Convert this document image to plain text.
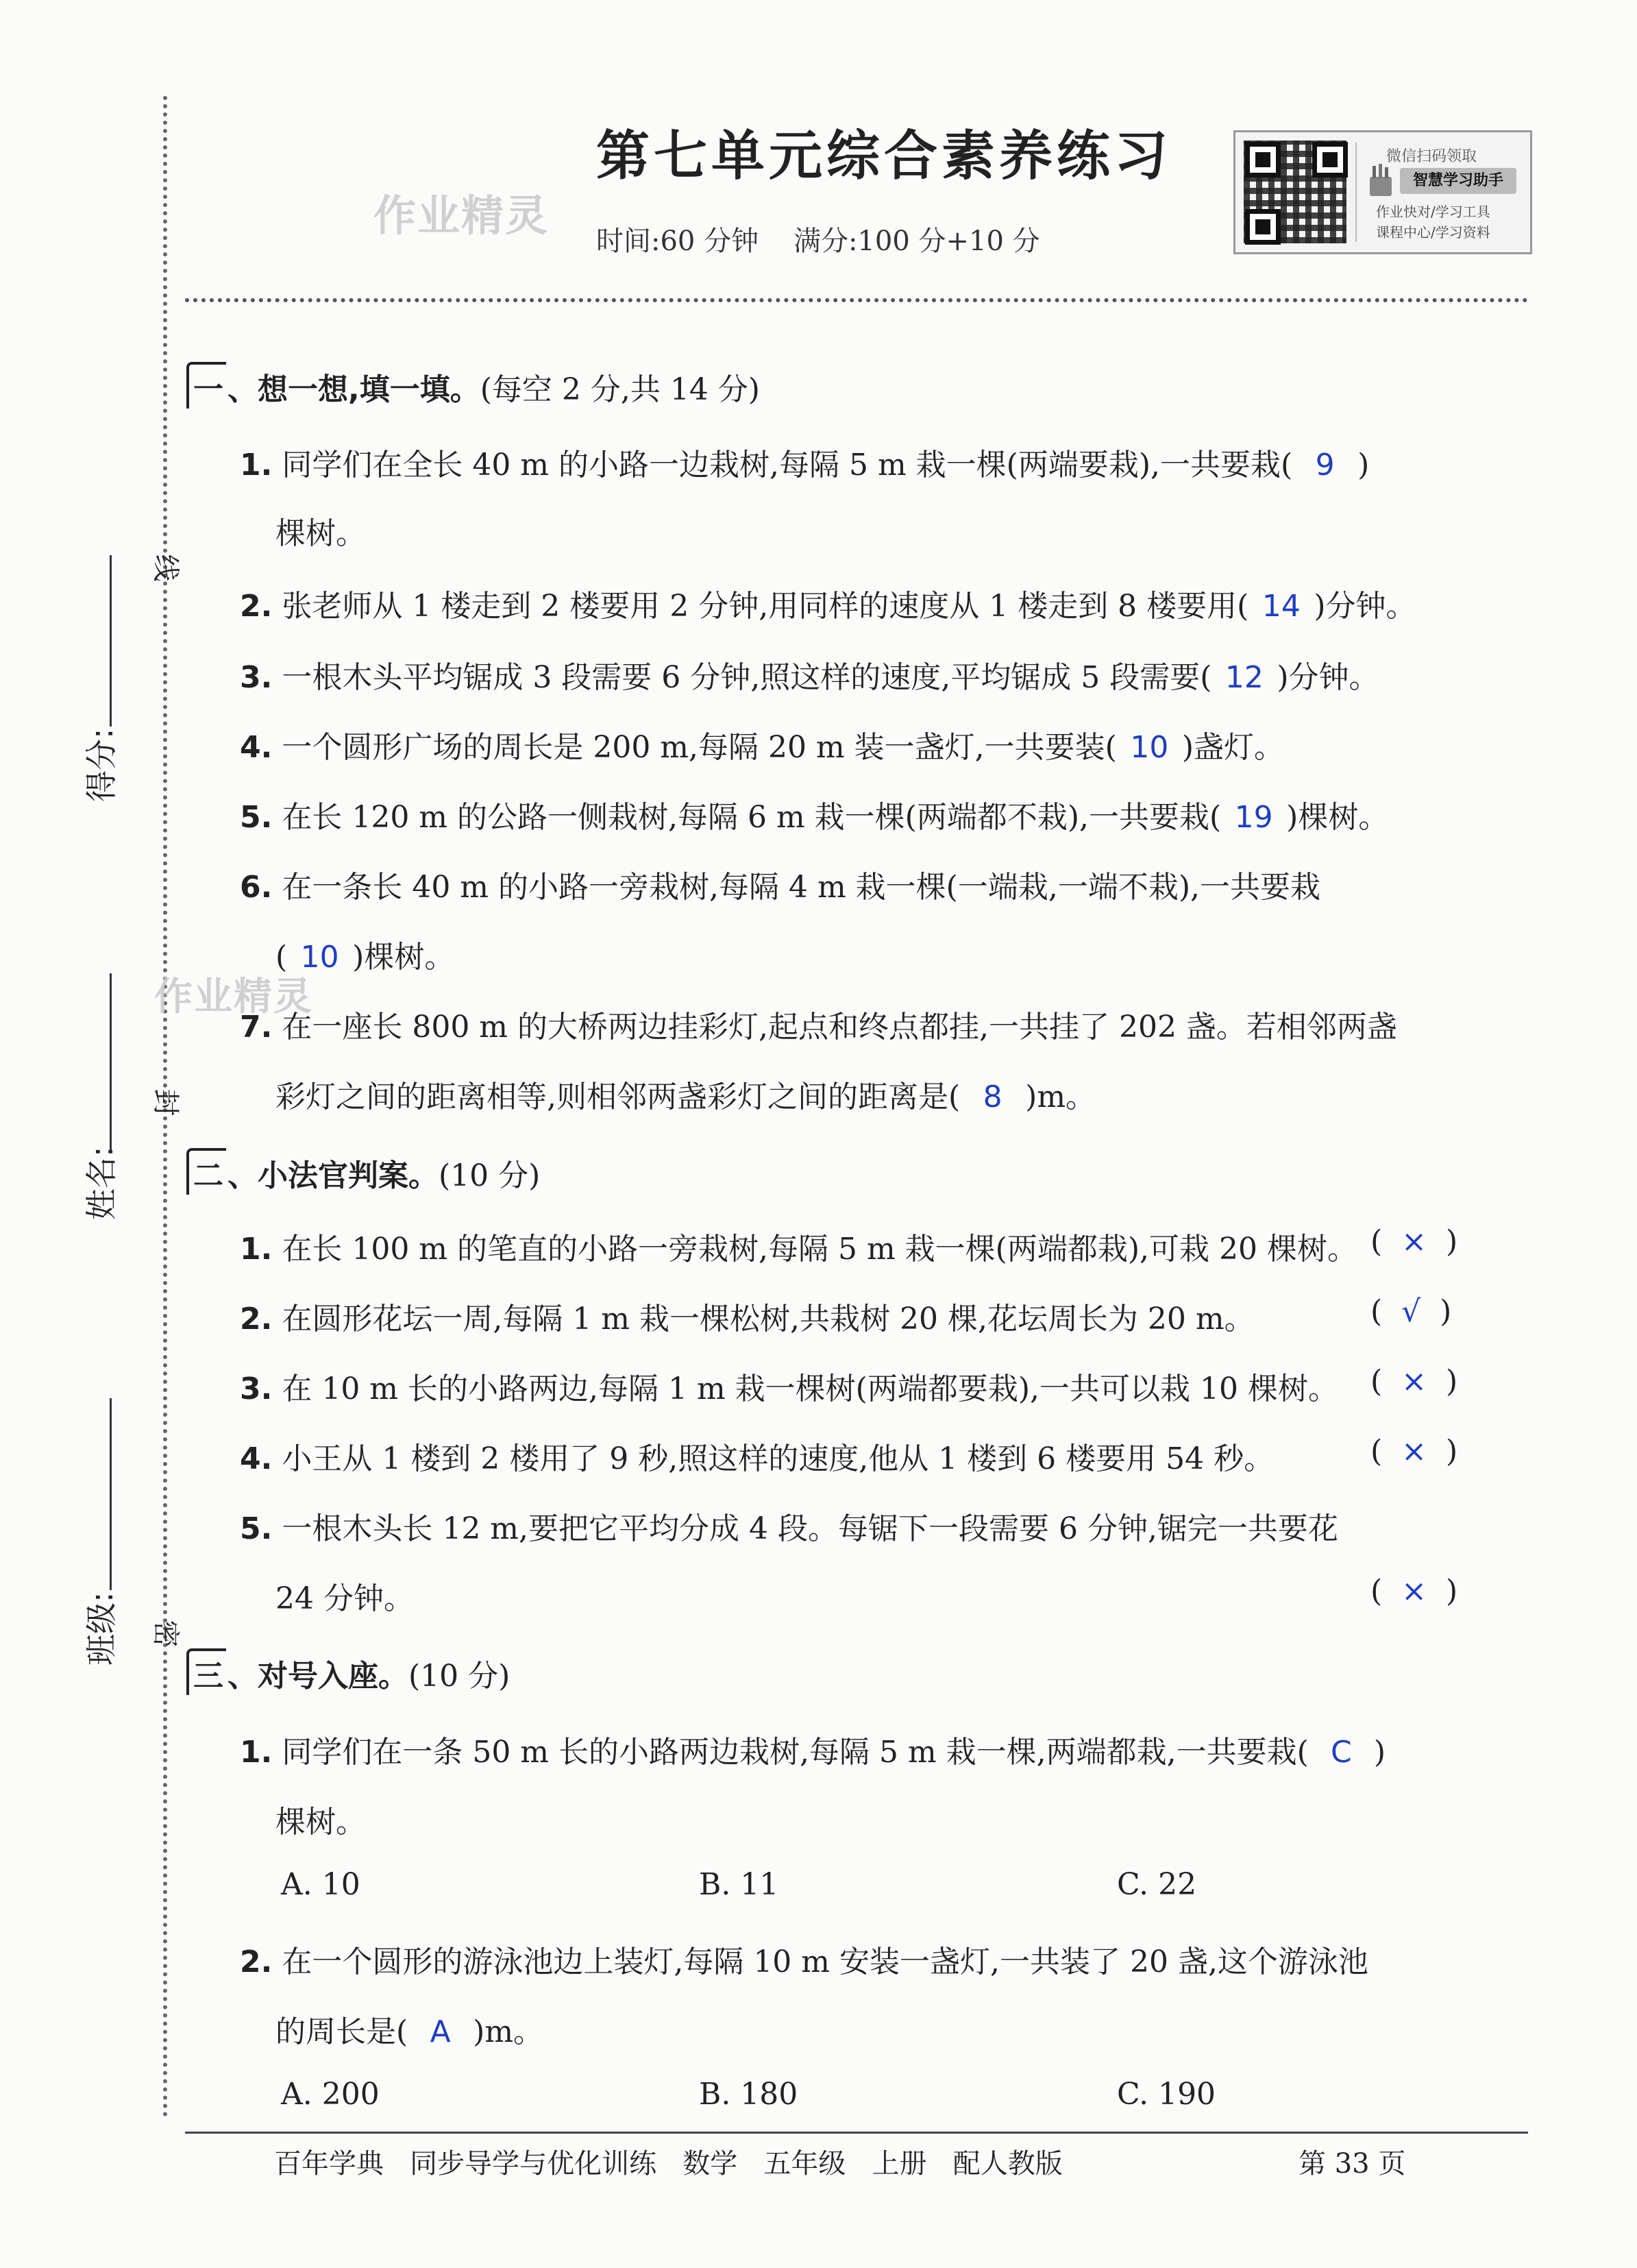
得分:
姓名:
班级:
线
封
密
第七单元综合素养练习
时间:60 分钟    满分:100 分+10 分
作业精灵
作业精灵
微信扫码领取
智慧学习助手
作业快对/学习工具
课程中心/学习资料
一 、想一想,填一填。(每空 2 分,共 14 分)
1. 同学们在全长 40 m 的小路一边栽树,每隔 5 m 栽一棵(两端要栽),一共要栽( 9 )
棵树。
2. 张老师从 1 楼走到 2 楼要用 2 分钟,用同样的速度从 1 楼走到 8 楼要用( 14 )分钟。
3. 一根木头平均锯成 3 段需要 6 分钟,照这样的速度,平均锯成 5 段需要( 12 )分钟。
4. 一个圆形广场的周长是 200 m,每隔 20 m 装一盏灯,一共要装( 10 )盏灯。
5. 在长 120 m 的公路一侧栽树,每隔 6 m 栽一棵(两端都不栽),一共要栽( 19 )棵树。
6. 在一条长 40 m 的小路一旁栽树,每隔 4 m 栽一棵(一端栽,一端不栽),一共要栽
( 10 )棵树。
7. 在一座长 800 m 的大桥两边挂彩灯,起点和终点都挂,一共挂了 202 盏。若相邻两盏
彩灯之间的距离相等,则相邻两盏彩灯之间的距离是( 8 )m。
二 、小法官判案。(10 分)
1. 在长 100 m 的笔直的小路一旁栽树,每隔 5 m 栽一棵(两端都栽),可栽 20 棵树。 (  ×  )
2. 在圆形花坛一周,每隔 1 m 栽一棵松树,共栽树 20 棵,花坛周长为 20 m。	(  √  )
3. 在 10 m 长的小路两边,每隔 1 m 栽一棵树(两端都要栽),一共可以栽 10 棵树。 (  ×  )
4. 小王从 1 楼到 2 楼用了 9 秒,照这样的速度,他从 1 楼到 6 楼要用 54 秒。	(  ×  )
5. 一根木头长 12 m,要把它平均分成 4 段。每锯下一段需要 6 分钟,锯完一共要花
24 分钟。	(  ×  )
三 、对号入座。(10 分)
1. 同学们在一条 50 m 长的小路两边栽树,每隔 5 m 栽一棵,两端都栽,一共要栽( C )
棵树。
A. 10	B. 11	C. 22
2. 在一个圆形的游泳池边上装灯,每隔 10 m 安装一盏灯,一共装了 20 盏,这个游泳池
的周长是( A )m。
A. 200	B. 180	C. 190
百年学典   同步导学与优化训练   数学   五年级   上册   配人教版	第 33 页
